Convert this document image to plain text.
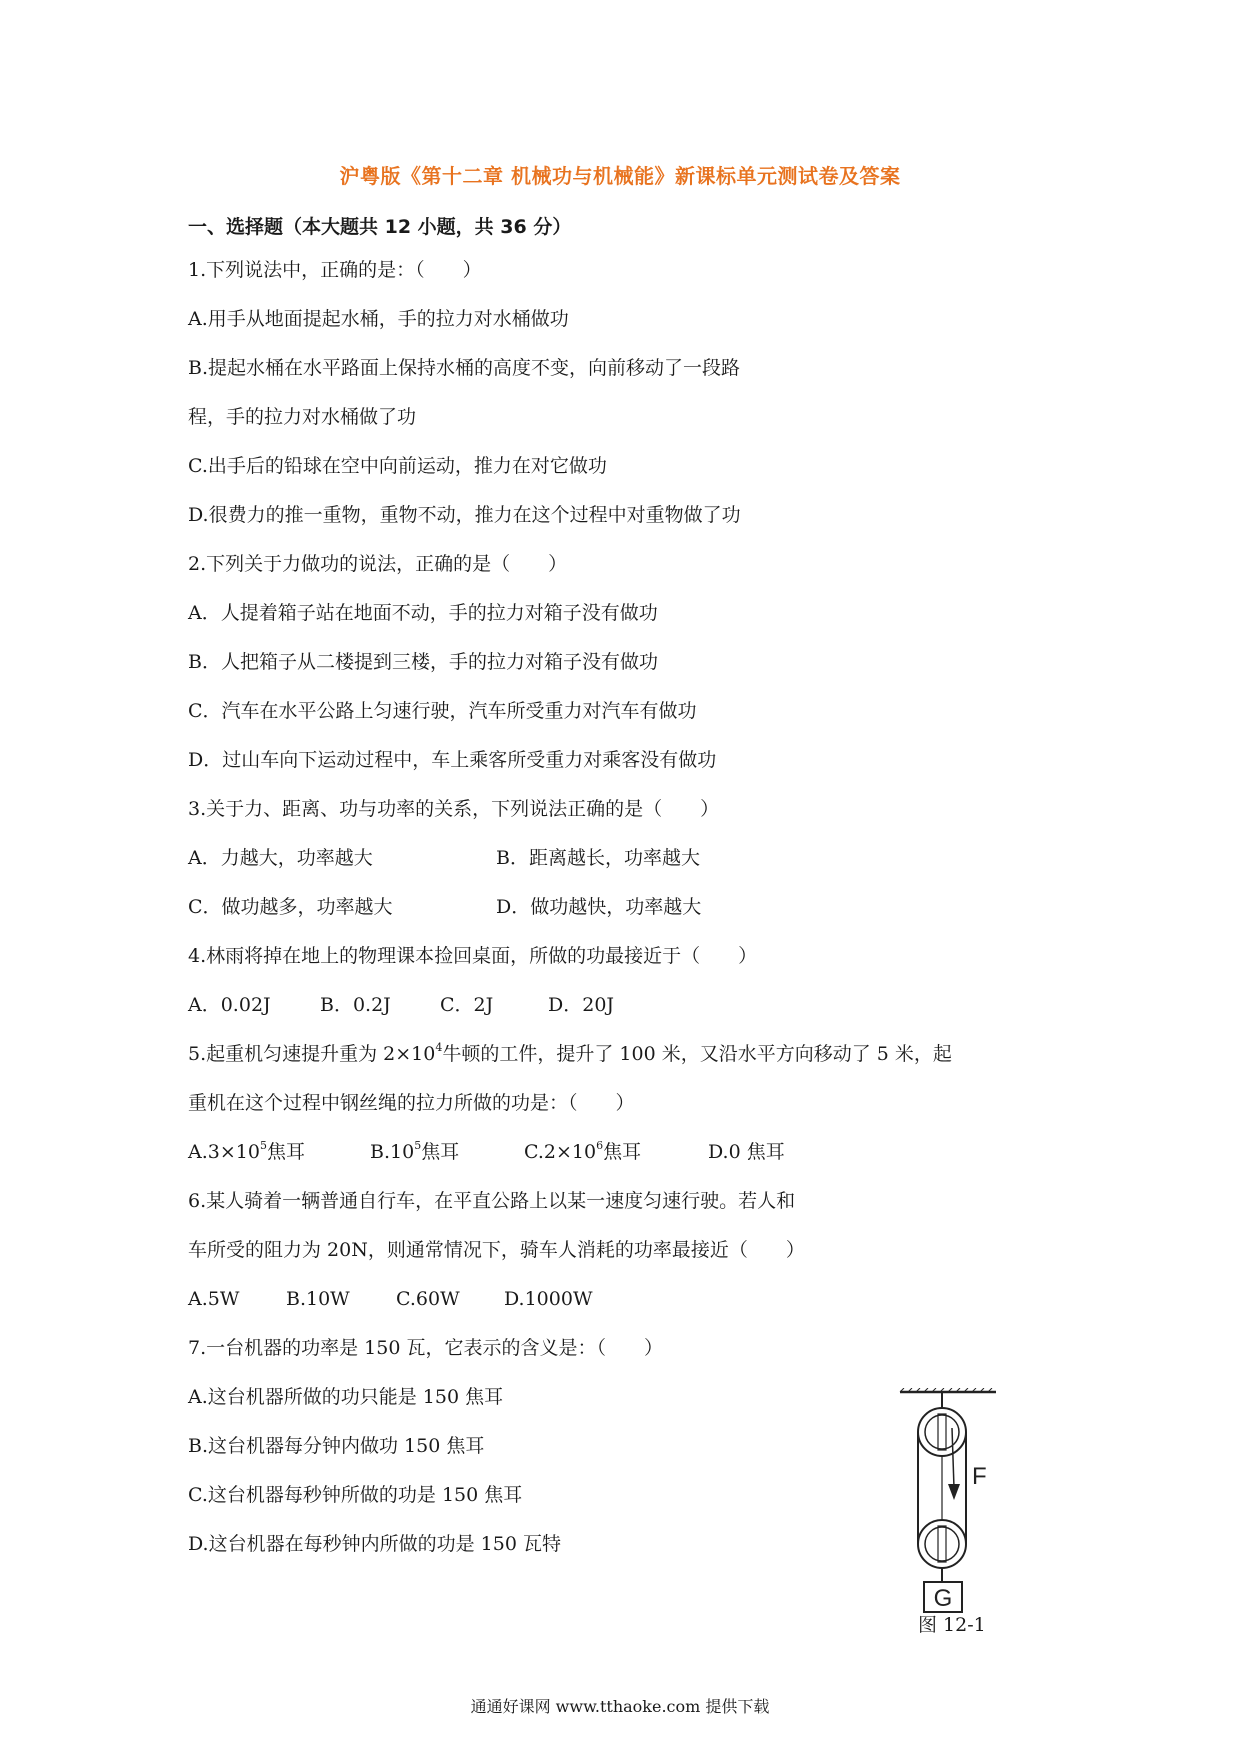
沪粤版《第十二章 机械功与机械能》新课标单元测试卷及答案
一、选择题（本大题共 12 小题，共 36 分）
1.下列说法中，正确的是：（　　）
A.用手从地面提起水桶，手的拉力对水桶做功
B.提起水桶在水平路面上保持水桶的高度不变，向前移动了一段路
程，手的拉力对水桶做了功
C.出手后的铅球在空中向前运动，推力在对它做功
D.很费力的推一重物，重物不动，推力在这个过程中对重物做了功
2.下列关于力做功的说法，正确的是（　　）
A．人提着箱子站在地面不动，手的拉力对箱子没有做功
B．人把箱子从二楼提到三楼，手的拉力对箱子没有做功
C．汽车在水平公路上匀速行驶，汽车所受重力对汽车有做功
D．过山车向下运动过程中，车上乘客所受重力对乘客没有做功
3.关于力、距离、功与功率的关系，下列说法正确的是（　　）
A．力越大，功率越大	B．距离越长，功率越大
C．做功越多，功率越大	D．做功越快，功率越大
4.林雨将掉在地上的物理课本捡回桌面，所做的功最接近于（　　）
A．0.02J	B．0.2J	C．2J	D．20J
5.起重机匀速提升重为 $2\times 10^4$牛顿的工件，提升了 100 米，又沿水平方向移动了 5 米，起
重机在这个过程中钢丝绳的拉力所做的功是：（　　）
$A.3\times 10^5$焦耳	$B.10^5$焦耳	$C.2\times 10^6$焦耳	D.0 焦耳
6.某人骑着一辆普通自行车，在平直公路上以某一速度匀速行驶。若人和
车所受的阻力为 20N，则通常情况下，骑车人消耗的功率最接近（　　）
A.5W B.10W C.60W D.1000W
7.一台机器的功率是 150 瓦，它表示的含义是：（　　）
A.这台机器所做的功只能是 150 焦耳
B.这台机器每分钟内做功 150 焦耳
C.这台机器每秒钟所做的功是 150 焦耳
D.这台机器在每秒钟内所做的功是 150 瓦特
F
G
图 12-1
通通好课网 www.tthaoke.com 提供下载
